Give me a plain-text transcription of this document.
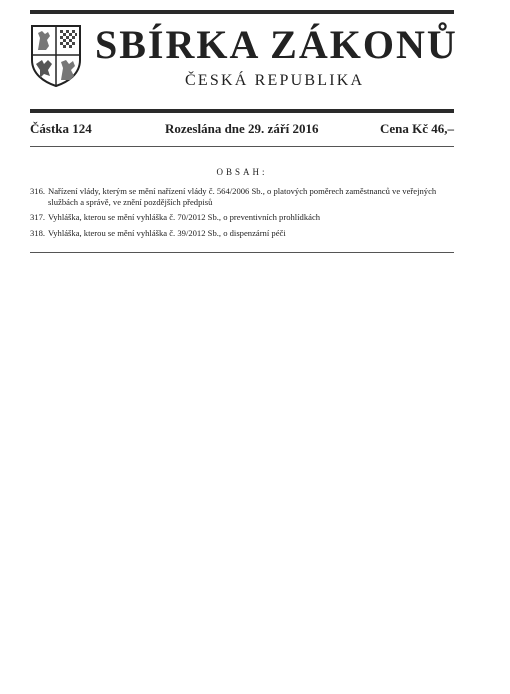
SBÍRKA ZÁKONŮ
ČESKÁ REPUBLIKA
Částka 124	Rozeslána dne 29. září 2016	Cena Kč 46,–
OBSAH:
316. Nařízení vlády, kterým se mění nařízení vlády č. 564/2006 Sb., o platových poměrech zaměstnanců ve veřejných službách a správě, ve znění pozdějších předpisů
317. Vyhláška, kterou se mění vyhláška č. 70/2012 Sb., o preventivních prohlídkách
318. Vyhláška, kterou se mění vyhláška č. 39/2012 Sb., o dispenzární péči
